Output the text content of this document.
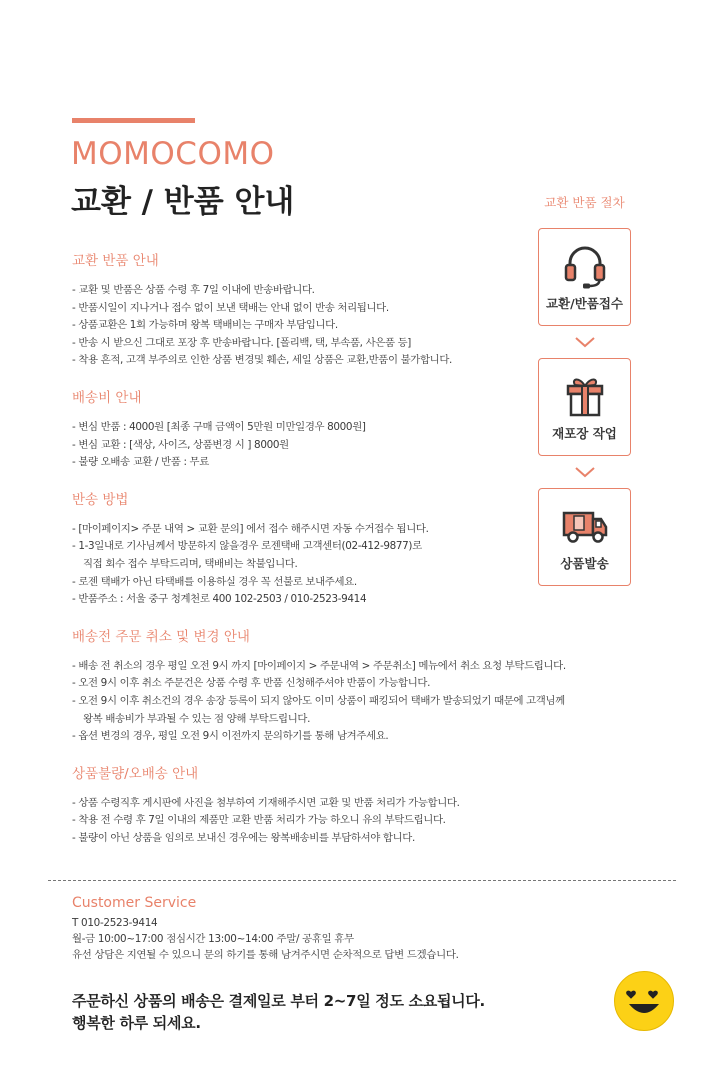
MOMOCOMO
교환 / 반품 안내
교환 반품 안내
- 교환 및 반품은 상품 수령 후 7일 이내에 반송바랍니다.
- 반품시일이 지나거나 접수 없이 보낸 택배는 안내 없이 반송 처리됩니다.
- 상품교환은 1회 가능하며 왕복 택배비는 구매자 부담입니다.
- 반송 시 받으신 그대로 포장 후 반송바랍니다. [폴리백, 택, 부속품, 사은품 등]
- 착용 흔적, 고객 부주의로 인한 상품 변경및 훼손, 세일 상품은 교환,반품이 불가합니다.
배송비 안내
- 변심 반품 : 4000원 [최종 구매 금액이 5만원 미만일경우 8000원]
- 변심 교환 : [색상, 사이즈, 상품변경 시 ] 8000원
- 불량 오배송 교환 / 반품 : 무료
반송 방법
- [마이페이지> 주문 내역 > 교환 문의] 에서 접수 해주시면 자동 수거접수 됩니다.
- 1-3일내로 기사님께서 방문하지 않을경우 로젠택배 고객센터(02-412-9877)로
직접 회수 접수 부탁드리며, 택배비는 착불입니다.
- 로젠 택배가 아닌 타택배를 이용하실 경우 꼭 선불로 보내주세요.
- 반품주소 : 서울 중구 청계천로 400 102-2503 / 010-2523-9414
배송전 주문 취소 및 변경 안내
- 배송 전 취소의 경우 평일 오전 9시 까지 [마이페이지 > 주문내역 > 주문취소] 메뉴에서 취소 요청 부탁드립니다.
- 오전 9시 이후 취소 주문건은 상품 수령 후 반품 신청해주셔야 반품이 가능합니다.
- 오전 9시 이후 취소건의 경우 송장 등록이 되지 않아도 이미 상품이 패킹되어 택배가 발송되었기 때문에 고객님께
왕복 배송비가 부과될 수 있는 점 양해 부탁드립니다.
- 옵션 변경의 경우, 평일 오전 9시 이전까지 문의하기를 통해 남겨주세요.
상품불량/오배송 안내
- 상품 수령직후 게시판에 사진을 첨부하여 기재해주시면 교환 및 반품 처리가 가능합니다.
- 착용 전 수령 후 7일 이내의 제품만 교환 반품 처리가 가능 하오니 유의 부탁드립니다.
- 불량이 아닌 상품을 임의로 보내신 경우에는 왕복배송비를 부담하셔야 합니다.
교환 반품 절차
교환/반품접수
재포장 작업
상품발송
Customer Service
T 010-2523-9414
월-금 10:00~17:00 점심시간 13:00~14:00 주말/ 공휴일 휴무
유선 상담은 지연될 수 있으니 문의 하기를 통해 남겨주시면 순차적으로 답변 드겠습니다.
주문하신 상품의 배송은 결제일로 부터 2~7일 정도 소요됩니다.
행복한 하루 되세요.
